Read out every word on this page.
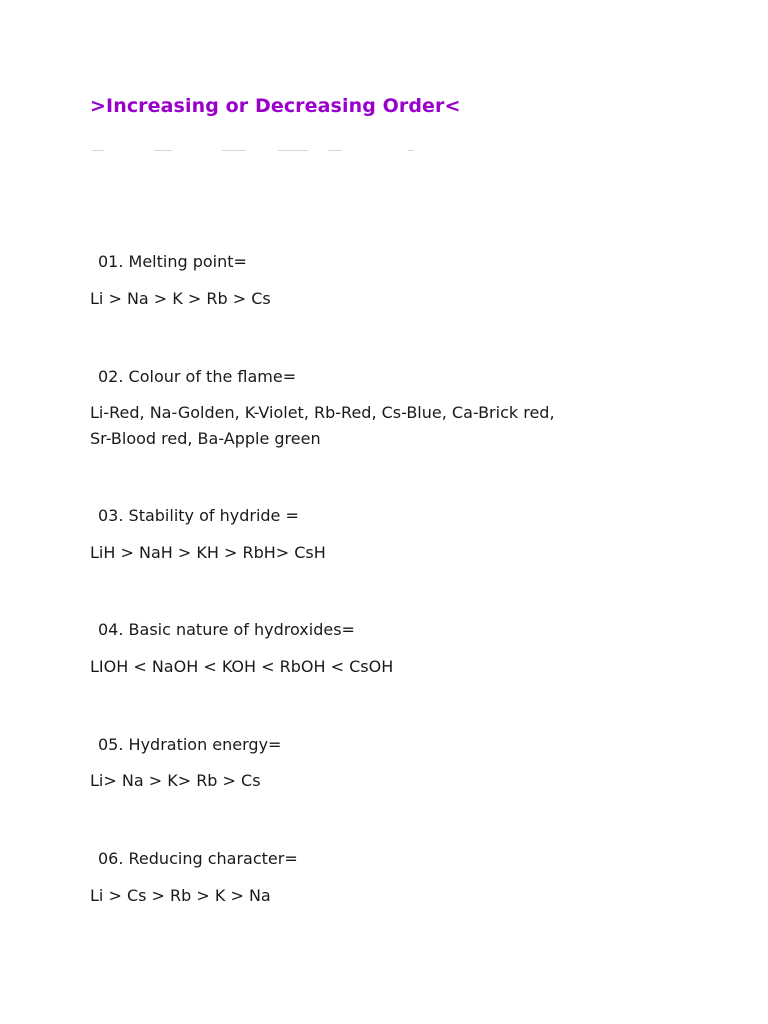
>Increasing or Decreasing Order<
01. Melting point=
Li > Na > K > Rb > Cs
02. Colour of the flame=
Li-Red, Na-Golden, K-Violet, Rb-Red, Cs-Blue, Ca-Brick red,
Sr-Blood red, Ba-Apple green
03. Stability of hydride =
LiH > NaH > KH > RbH> CsH
04. Basic nature of hydroxides=
LIOH < NaOH < KOH < RbOH < CsOH
05. Hydration energy=
Li> Na > K> Rb > Cs
06. Reducing character=
Li > Cs > Rb > K > Na
